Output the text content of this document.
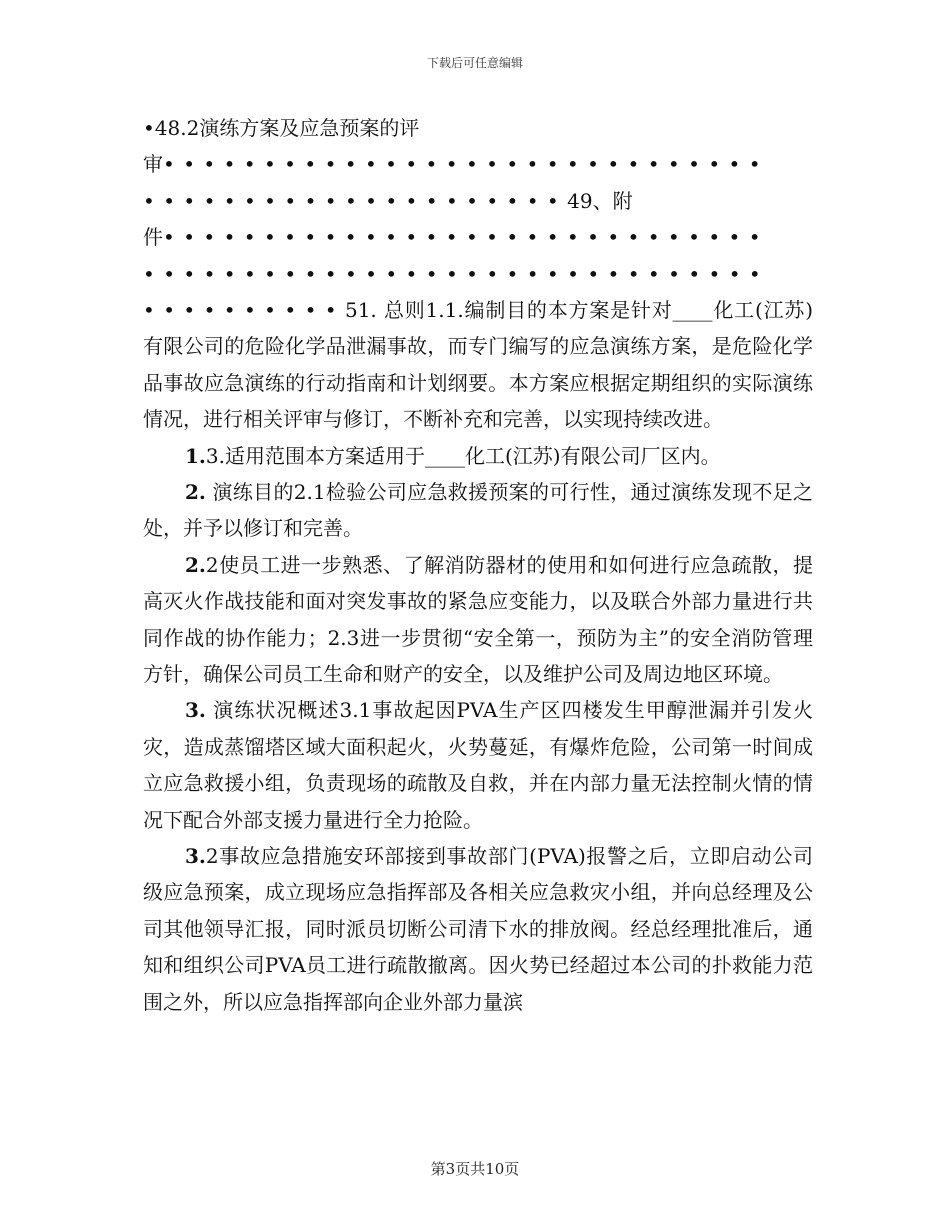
下载后可任意编辑
•48.2演练方案及应急预案的评
审••••••••••••••••••••••••••••••
•••••••••••••••••••••49、附
件••••••••••••••••••••••••••••••
•••••••••••••••••••••••••••••••
••••••••••51. 总则1.1.编制目的本方案是针对____化工(江苏)有限公司的危险化学品泄漏事故，而专门编写的应急演练方案，是危险化学品事故应急演练的行动指南和计划纲要。本方案应根据定期组织的实际演练情况，进行相关评审与修订，不断补充和完善，以实现持续改进。
1.3.适用范围本方案适用于____化工(江苏)有限公司厂区内。
2. 演练目的2.1检验公司应急救援预案的可行性，通过演练发现不足之处，并予以修订和完善。
2.2使员工进一步熟悉、了解消防器材的使用和如何进行应急疏散，提高灭火作战技能和面对突发事故的紧急应变能力，以及联合外部力量进行共同作战的协作能力；2.3进一步贯彻“安全第一，预防为主”的安全消防管理方针，确保公司员工生命和财产的安全，以及维护公司及周边地区环境。
3. 演练状况概述3.1事故起因PVA生产区四楼发生甲醇泄漏并引发火灾，造成蒸馏塔区域大面积起火，火势蔓延，有爆炸危险，公司第一时间成立应急救援小组，负责现场的疏散及自救，并在内部力量无法控制火情的情况下配合外部支援力量进行全力抢险。
3.2事故应急措施安环部接到事故部门(PVA)报警之后，立即启动公司级应急预案，成立现场应急指挥部及各相关应急救灾小组，并向总经理及公司其他领导汇报，同时派员切断公司清下水的排放阀。经总经理批准后，通知和组织公司PVA员工进行疏散撤离。因火势已经超过本公司的扑救能力范围之外，所以应急指挥部向企业外部力量滨
第3页共10页
